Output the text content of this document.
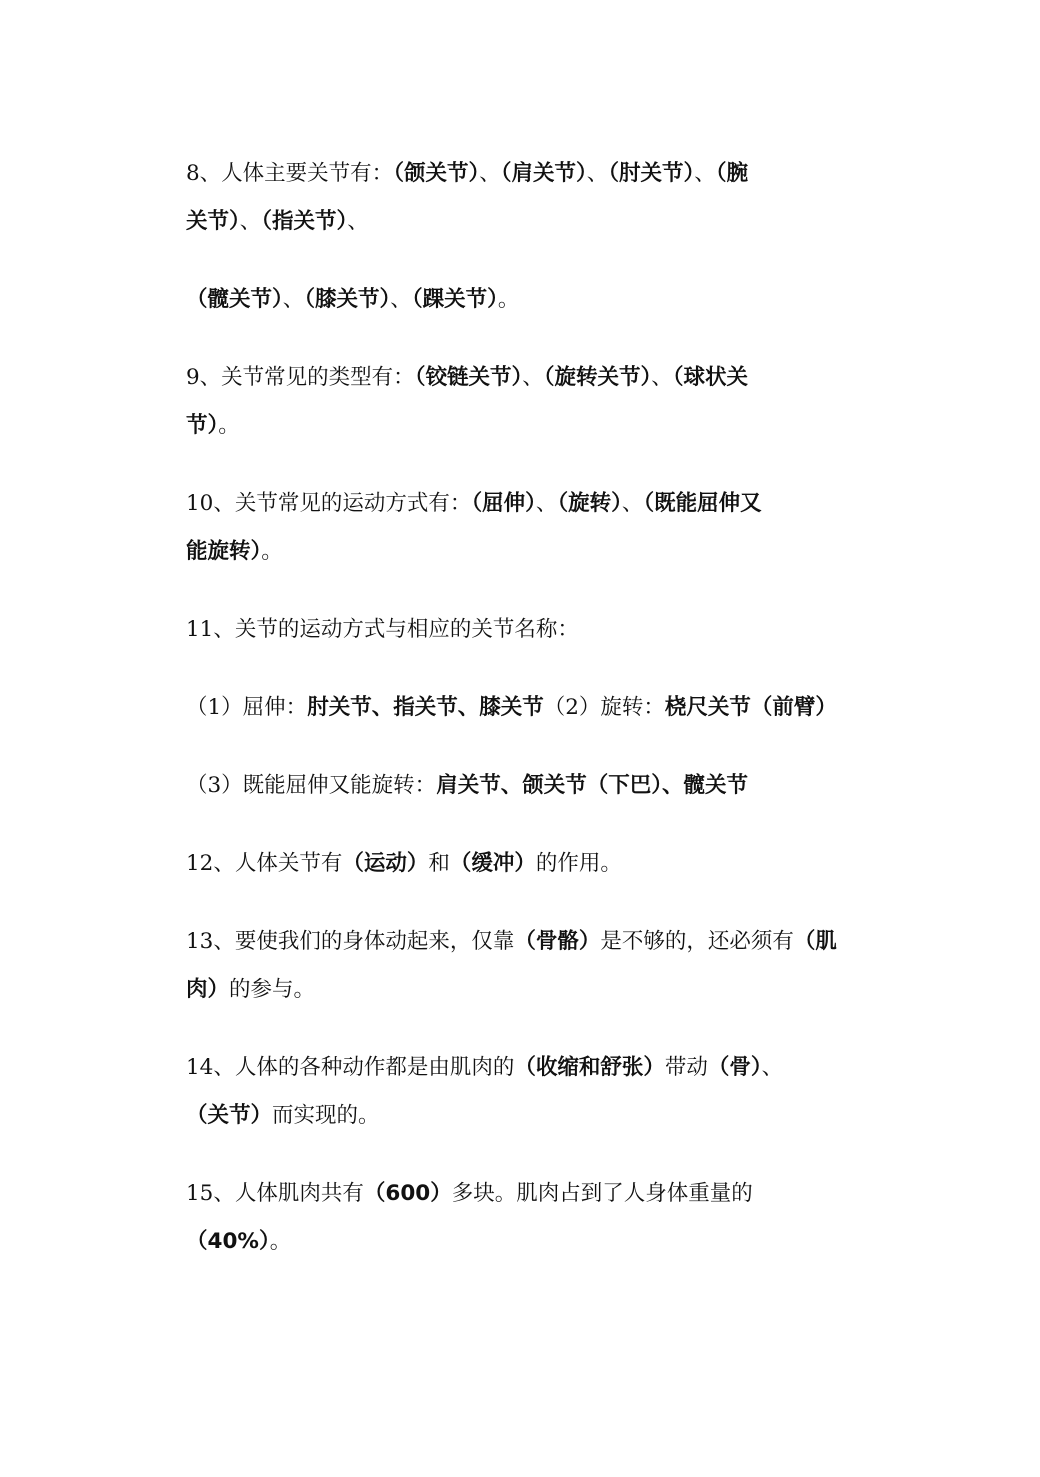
8、人体主要关节有：（颌关节）、（肩关节）、（肘关节）、（腕
关节）、（指关节）、

（髋关节）、（膝关节）、（踝关节）。

9、关节常见的类型有：（铰链关节）、（旋转关节）、（球状关
节）。

10、关节常见的运动方式有：（屈伸）、（旋转）、（既能屈伸又
能旋转）。

11、关节的运动方式与相应的关节名称：

（1）屈伸：肘关节、指关节、膝关节（2）旋转：桡尺关节（前臂）

（3）既能屈伸又能旋转：肩关节、颌关节（下巴）、髋关节

12、人体关节有（运动）和（缓冲）的作用。

13、要使我们的身体动起来，仅靠（骨骼）是不够的，还必须有（肌
肉）的参与。

14、人体的各种动作都是由肌肉的（收缩和舒张）带动（骨）、
（关节）而实现的。

15、人体肌肉共有（600）多块。肌肉占到了人身体重量的
（40%）。
